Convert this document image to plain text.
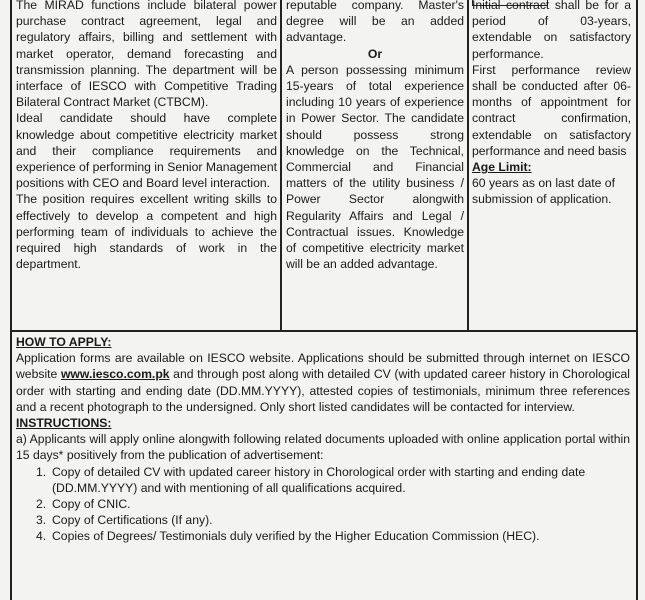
The MIRAD functions include bilateral power purchase contract agreement, legal and regulatory affairs, billing and settlement with market operator, demand forecasting and transmission planning. The department will be interface of IESCO with Competitive Trading Bilateral Contract Market (CTBCM).

Ideal candidate should have complete knowledge about competitive electricity market and their compliance requirements and experience of performing in Senior Management positions with CEO and Board level interaction.

The position requires excellent writing skills to effectively to develop a competent and high performing team of individuals to achieve the required high standards of work in the department.

reputable company. Master's degree will be an added advantage.

Or

A person possessing minimum 15-years of total experience including 10 years of experience in Power Sector. The candidate should possess strong knowledge on the Technical, Commercial and Financial matters of the utility business / Power Sector alongwith Regularity Affairs and Legal / Contractual issues. Knowledge of competitive electricity market will be an added advantage.

Initial contract shall be for a period of 03-years, extendable on satisfactory performance.

First performance review shall be conducted after 06-months of appointment for contract confirmation, extendable on satisfactory performance and need basis

Age Limit:

60 years as on last date of submission of application.

HOW TO APPLY:

Application forms are available on IESCO website. Applications should be submitted through internet on IESCO website www.iesco.com.pk and through post along with detailed CV (with updated career history in Chorological order with starting and ending date (DD.MM.YYYY), attested copies of testimonials, minimum three references and a recent photograph to the undersigned. Only short listed candidates will be contacted for interview.

INSTRUCTIONS:

a) Applicants will apply online alongwith following related documents uploaded with online application portal within 15 days* positively from the publication of advertisement:

1. Copy of detailed CV with updated career history in Chorological order with starting and ending date (DD.MM.YYYY) and with mentioning of all qualifications acquired.
2. Copy of CNIC.
3. Copy of Certifications (If any).
4. Copies of Degrees/ Testimonials duly verified by the Higher Education Commission (HEC).
